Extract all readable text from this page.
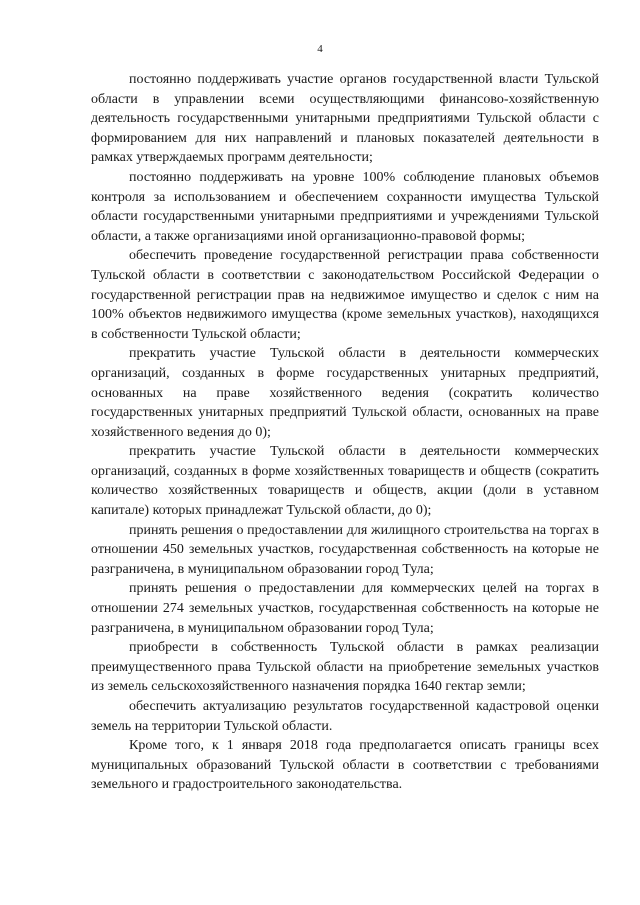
4

постоянно поддерживать участие органов государственной власти Тульской области в управлении всеми осуществляющими финансово-хозяйственную деятельность государственными унитарными предприятиями Тульской области с формированием для них направлений и плановых показателей деятельности в рамках утверждаемых программ деятельности;

постоянно поддерживать на уровне 100% соблюдение плановых объемов контроля за использованием и обеспечением сохранности имущества Тульской области государственными унитарными предприятиями и учреждениями Тульской области, а также организациями иной организационно-правовой формы;

обеспечить проведение государственной регистрации права собственности Тульской области в соответствии с законодательством Российской Федерации о государственной регистрации прав на недвижимое имущество и сделок с ним на 100% объектов недвижимого имущества (кроме земельных участков), находящихся в собственности Тульской области;

прекратить участие Тульской области в деятельности коммерческих организаций, созданных в форме государственных унитарных предприятий, основанных на праве хозяйственного ведения (сократить количество государственных унитарных предприятий Тульской области, основанных на праве хозяйственного ведения до 0);

прекратить участие Тульской области в деятельности коммерческих организаций, созданных в форме хозяйственных товариществ и обществ (сократить количество хозяйственных товариществ и обществ, акции (доли в уставном капитале) которых принадлежат Тульской области, до 0);

принять решения о предоставлении для жилищного строительства на торгах в отношении 450 земельных участков, государственная собственность на которые не разграничена, в муниципальном образовании город Тула;

принять решения о предоставлении для коммерческих целей на торгах в отношении 274 земельных участков, государственная собственность на которые не разграничена, в муниципальном образовании город Тула;

приобрести в собственность Тульской области в рамках реализации преимущественного права Тульской области на приобретение земельных участков из земель сельскохозяйственного назначения порядка 1640 гектар земли;

обеспечить актуализацию результатов государственной кадастровой оценки земель на территории Тульской области.

Кроме того, к 1 января 2018 года предполагается описать границы всех муниципальных образований Тульской области в соответствии с требованиями земельного и градостроительного законодательства.
